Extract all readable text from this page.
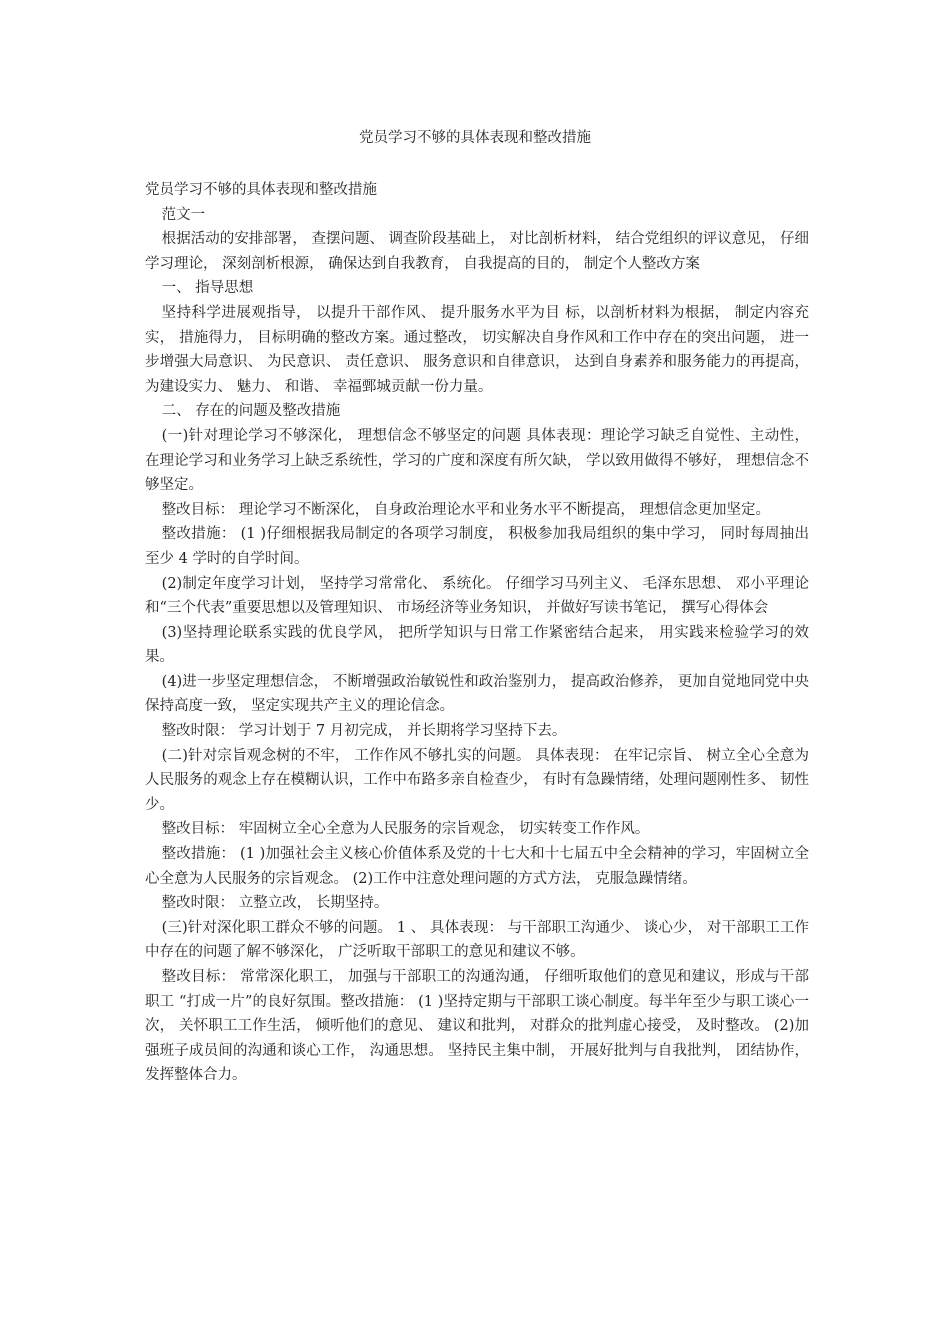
党员学习不够的具体表现和整改措施

党员学习不够的具体表现和整改措施

范文一

根据活动的安排部署， 查摆问题、 调查阶段基础上， 对比剖析材料， 结合党组织的评议意见， 仔细学习理论， 深刻剖析根源， 确保达到自我教育， 自我提高的目的， 制定个人整改方案

一、 指导思想

坚持科学进展观指导， 以提升干部作风、 提升服务水平为目 标，以剖析材料为根据， 制定内容充实， 措施得力， 目标明确的整改方案。通过整改， 切实解决自身作风和工作中存在的突出问题， 进一步增强大局意识、 为民意识、 责任意识、 服务意识和自律意识， 达到自身素养和服务能力的再提高， 为建设实力、 魅力、 和谐、 幸福鄄城贡献一份力量。

二、 存在的问题及整改措施

(一)针对理论学习不够深化， 理想信念不够坚定的问题 具体表现：理论学习缺乏自觉性、主动性， 在理论学习和业务学习上缺乏系统性，学习的广度和深度有所欠缺， 学以致用做得不够好， 理想信念不够坚定。

整改目标： 理论学习不断深化， 自身政治理论水平和业务水平不断提高， 理想信念更加坚定。

整改措施： (1 )仔细根据我局制定的各项学习制度， 积极参加我局组织的集中学习， 同时每周抽出至少 4 学时的自学时间。

(2)制定年度学习计划， 坚持学习常常化、 系统化。 仔细学习马列主义、 毛泽东思想、 邓小平理论和“三个代表”重要思想以及管理知识、 市场经济等业务知识， 并做好写读书笔记， 撰写心得体会

(3)坚持理论联系实践的优良学风， 把所学知识与日常工作紧密结合起来， 用实践来检验学习的效果。

(4)进一步坚定理想信念， 不断增强政治敏锐性和政治鉴别力， 提高政治修养， 更加自觉地同党中央保持高度一致， 坚定实现共产主义的理论信念。

整改时限： 学习计划于 7 月初完成， 并长期将学习坚持下去。

(二)针对宗旨观念树的不牢， 工作作风不够扎实的问题。 具体表现： 在牢记宗旨、 树立全心全意为人民服务的观念上存在模糊认识，工作中布路多亲自检查少， 有时有急躁情绪，处理问题刚性多、 韧性少。

整改目标： 牢固树立全心全意为人民服务的宗旨观念， 切实转变工作作风。

整改措施： (1 )加强社会主义核心价值体系及党的十七大和十七届五中全会精神的学习，牢固树立全心全意为人民服务的宗旨观念。 (2)工作中注意处理问题的方式方法， 克服急躁情绪。

整改时限： 立整立改， 长期坚持。

(三)针对深化职工群众不够的问题。 1 、 具体表现： 与干部职工沟通少、 谈心少， 对干部职工工作中存在的问题了解不够深化， 广泛听取干部职工的意见和建议不够。

整改目标： 常常深化职工， 加强与干部职工的沟通沟通， 仔细听取他们的意见和建议，形成与干部职工 “打成一片”的良好氛围。整改措施： (1 )坚持定期与干部职工谈心制度。每半年至少与职工谈心一次， 关怀职工工作生活， 倾听他们的意见、 建议和批判， 对群众的批判虚心接受， 及时整改。 (2)加强班子成员间的沟通和谈心工作， 沟通思想。 坚持民主集中制， 开展好批判与自我批判， 团结协作，发挥整体合力。
